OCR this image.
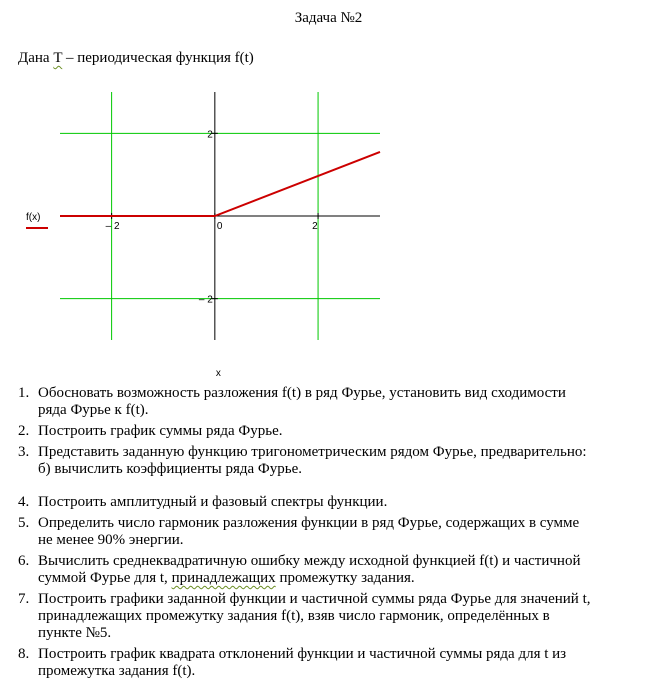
Задача №2
Дана T – периодическая функция f(t)
– 2	0	2
2
– 2
f(x)
x
1. Обосновать возможность разложения f(t) в ряд Фурье, установить вид сходимости
ряда Фурье к f(t).
2. Построить график суммы ряда Фурье.
3. Представить заданную функцию тригонометрическим рядом Фурье, предварительно:
б) вычислить коэффициенты ряда Фурье.
4. Построить амплитудный и фазовый спектры функции.
5. Определить число гармоник разложения функции в ряд Фурье, содержащих в сумме
не менее 90% энергии.
6. Вычислить среднеквадратичную ошибку между исходной функцией f(t) и частичной
суммой Фурье для t, принадлежащих промежутку задания.
7. Построить графики заданной функции и частичной суммы ряда Фурье для значений t,
принадлежащих промежутку задания f(t), взяв число гармоник, определённых в
пункте №5.
8. Построить график квадрата отклонений функции и частичной суммы ряда для t из
промежутка задания f(t).
